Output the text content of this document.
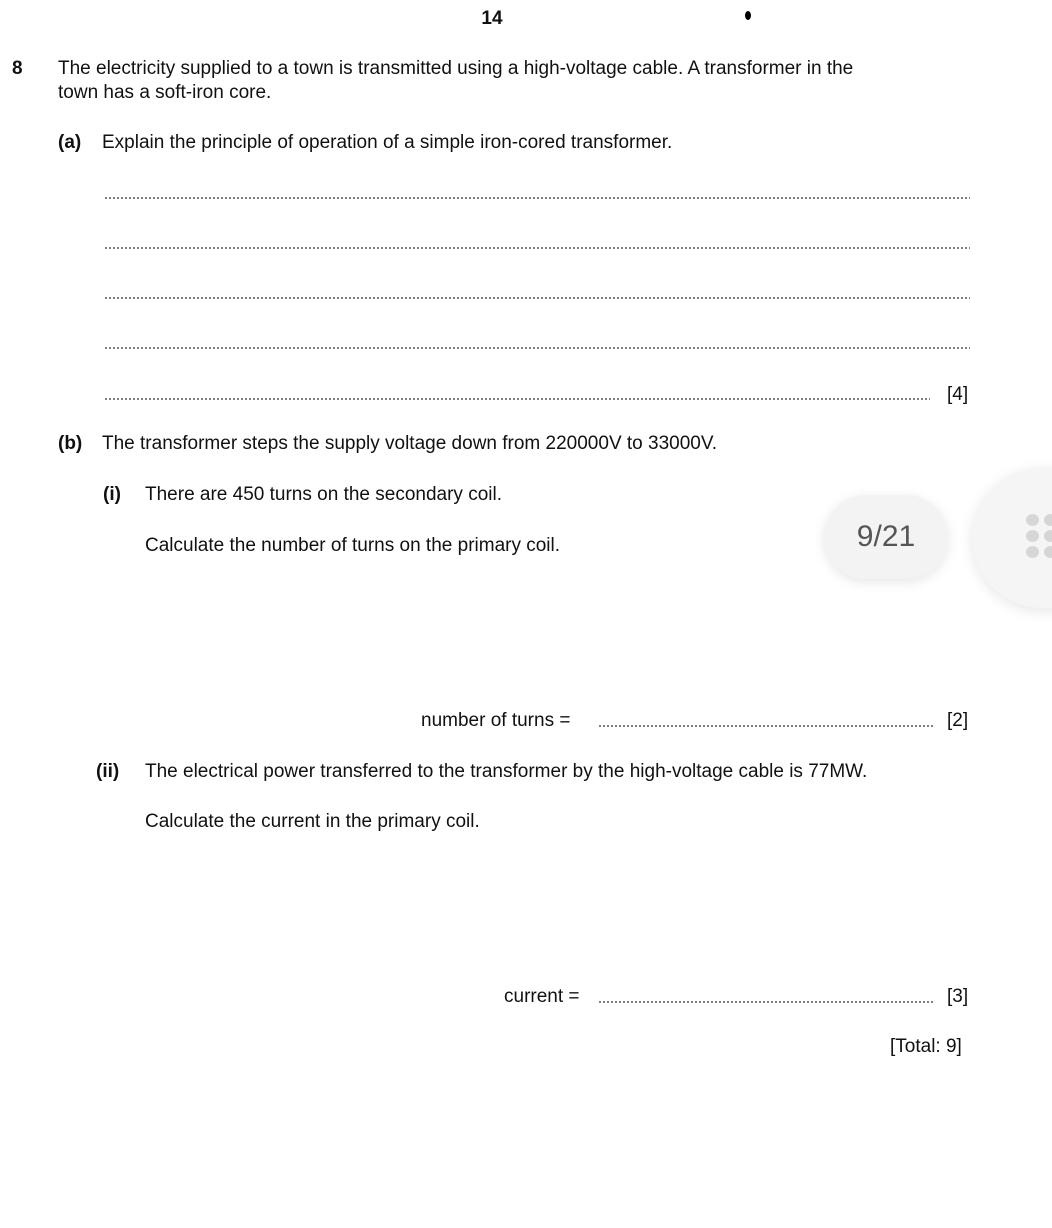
14
8 The electricity supplied to a town is transmitted using a high-voltage cable. A transformer in the
town has a soft-iron core.
(a) Explain the principle of operation of a simple iron-cored transformer.
[4]
(b) The transformer steps the supply voltage down from 220000V to 33000V.
(i) There are 450 turns on the secondary coil.
Calculate the number of turns on the primary coil.
number of turns =	[2]
(ii) The electrical power transferred to the transformer by the high-voltage cable is 77MW.
Calculate the current in the primary coil.
current =	[3]
[Total: 9]
9/21
